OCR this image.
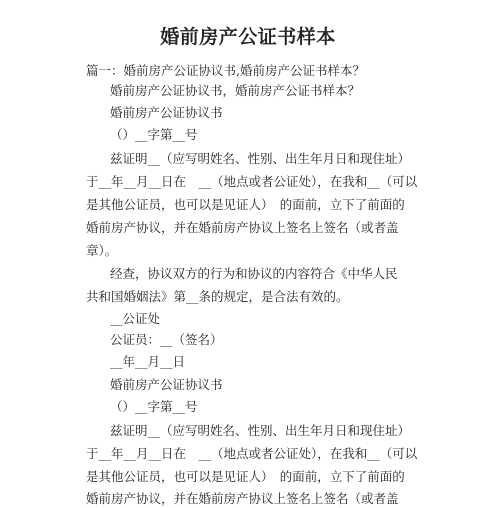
婚前房产公证书样本

篇一：婚前房产公证协议书,婚前房产公证书样本？

婚前房产公证协议书，婚前房产公证书样本？

婚前房产公证协议书

（）__字第__号

兹证明__（应写明姓名、性别、出生年月日和现住址）

于__年__月__日在　__（地点或者公证处），在我和__（可以

是其他公证员，也可以是见证人）　的面前，立下了前面的

婚前房产协议，并在婚前房产协议上签名上签名（或者盖

章）。

经查，协议双方的行为和协议的内容符合《中华人民

共和国婚姻法》第__条的规定，是合法有效的。

__公证处

公证员：__（签名）

__年__月__日

婚前房产公证协议书

（）__字第__号

兹证明__（应写明姓名、性别、出生年月日和现住址）

于__年__月__日在　__（地点或者公证处），在我和__（可以

是其他公证员，也可以是见证人）　的面前，立下了前面的

婚前房产协议，并在婚前房产协议上签名上签名（或者盖
